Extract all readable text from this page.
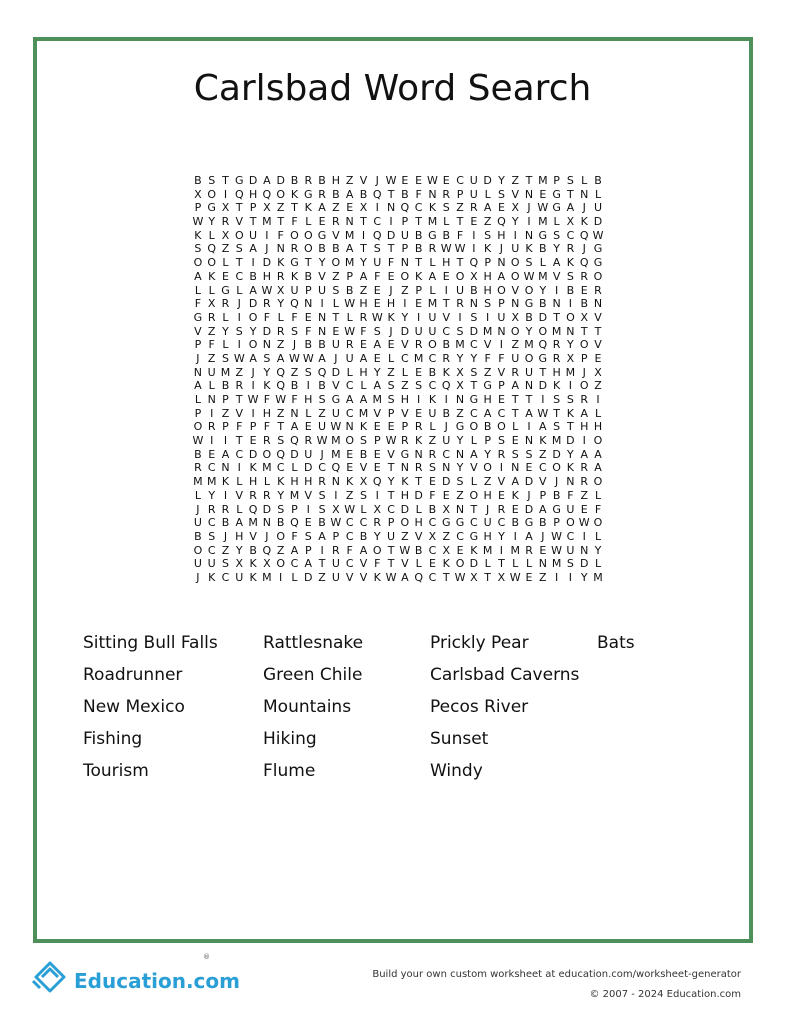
Carlsbad Word Search
B S T G D A D B R B H Z V J W E E W E C U D Y Z T M P S L B
X O I Q H Q O K G R B A B Q T B F N R P U L S V N E G T N L
P G X T P X Z T K A Z E X I N Q C K S Z R A E X J W G A J U
W Y R V T M T F L E R N T C I P T M L T E Z Q Y I M L X K D
K L X O U I F O O G V M I Q D U B G B F I S H I N G S C Q W
S Q Z S A J N R O B B A T S T P B R W W I K J U K B Y R J G
O O L T I D K G T Y O M Y U F N T L H T Q P N O S L A K Q G
A K E C B H R K B V Z P A F E O K A E O X H A O W M V S R O
L L G L A W X U P U S B Z E J Z P L I U B H O V O Y I B E R
F X R J D R Y Q N I L W H E H I E M T R N S P N G B N I B N
G R L I O F L F E N T L R W K Y I U V I S I U X B D T O X V
V Z Y S Y D R S F N E W F S J D U U C S D M N O Y O M N T T
P F L I O N Z J B B U R E A E V R O B M C V I Z M Q R Y O V
J Z S W A S A W W A J U A E L C M C R Y Y F F U O G R X P E
N U M Z J Y Q Z S Q D L H Y Z L E B K X S Z V R U T H M J X
A L B R I K Q B I B V C L A S Z S C Q X T G P A N D K I O Z
L N P T W F W F H S G A A M S H I K I N G H E T T I S S R I
P I Z V I H Z N L Z U C M V P V E U B Z C A C T A W T K A L
O R P F P F T A E U W N K E E P R L J G O B O L I A S T H H
W I I T E R S Q R W M O S P W R K Z U Y L P S E N K M D I O
B E A C D O Q D U J M E B E V G N R C N A Y R S S Z D Y A A
R C N I K M C L D C Q E V E T N R S N Y V O I N E C O K R A
M M K L H L K H H R N K X Q Y K T E D S L Z V A D V J N R O
L Y I V R R Y M V S I Z S I T H D F E Z O H E K J P B F Z L
J R R L Q D S P I S X W L X C D L B X N T J R E D A G U E F
U C B A M N B Q E B W C C R P O H C G G C U C B G B P O W O
B S J H V J O F S A P C B Y U Z V X Z C G H Y I A J W C I L
O C Z Y B Q Z A P I R F A O T W B C X E K M I M R E W U N Y
U U S X K X O C A T U C V F T V L E K O D L T L L N M S D L
J K C U K M I L D Z U V V K W A Q C T W X T X W E Z I I Y M
Sitting Bull Falls	Rattlesnake	Prickly Pear	Bats
Roadrunner	Green Chile	Carlsbad Caverns
New Mexico	Mountains	Pecos River
Fishing	Hiking	Sunset
Tourism	Flume	Windy
Education.com
®
Build your own custom worksheet at education.com/worksheet-generator
© 2007 - 2024 Education.com
